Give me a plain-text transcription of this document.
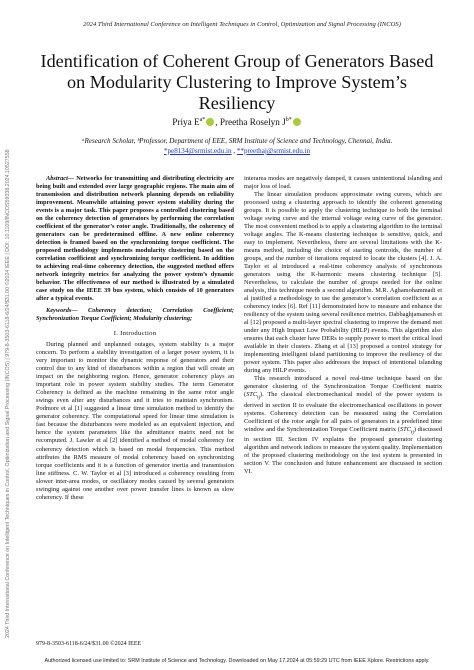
2024 Third International Conference on Intelligent Techniques in Control, Optimization and Signal Processing (INCOS) | 979-8-3503-6118-6/24/$31.00 ©2024 IEEE | DOI: 10.1109/INCOS59338.2024.10527558
2024 Third International Conference on Intelligent Techniques in Control, Optimization and Signal Processing (INCOS)
Identification of Coherent Group of Generators Based on Modularity Clustering to Improve System’s Resiliency
Priya $E^{a*}$ , Preetha Roselyn $J^{b*}$
ᵃResearch Scholar, ᵇProfessor, Department of EEE, SRM Institute of Science and Technology, Chennai, India.
*pe8134@srmist.edu.in , **preethaj@srmist.edu.in

Abstract— Networks for transmitting and distributing electricity are being built and extended over large geographic regions. The main aim of transmission and distribution network planning depends on reliability improvement. Meanwhile attaining power system stability during the events is a major task. This paper proposes a controlled clustering based on the coherency detection of generators by performing the correlation coefficient of the generator’s rotor angle. Traditionally, the coherency of generators can be predetermined offline. A new online coherency detection is framed based on the synchronizing torque coefficient. The proposed methodology implements modularity clustering based on the correlation coefficient and synchronizing torque coefficient. In addition to achieving real-time coherency detection, the suggested method offers network integrity metrics for analyzing the power system’s dynamic behavior. The effectiveness of our method is illustrated by a simulated case study on the IEEE 39 bus system, which consists of 10 generators after a typical events.

Keywords— Coherency detection; Correlation Coefficient; Synchronization Torque Coefficient; Modularity clustering;

I. Introduction

During planned and unplanned outages, system stability is a major concern. To perform a stability investigation of a larger power system, it is very important to monitor the dynamic response of generators and their control due to any kind of disturbances within a region that will create an impact on the neighboring region. Hence, generator coherency plays an important role in power system stability studies. The term Generator Coherency is defined as the machine remaining in the same rotor angle swings even after any disturbances and it tries to maintain synchronism. Podmore et al [1] suggested a linear time simulation method to identify the generator coherency. The computational speed for linear time simulation is fast because the disturbances were modeled as an equivalent injection, and hence the system parameters like the admittance matrix need not be recomputed. J. Lawler et al [2] identified a method of modal coherency for coherency detection which is based on modal frequencies. This method attributes the RMS measure of modal coherency based on synchronizing torque coefficients and it is a function of generator inertia and transmission line stiffness. C. W. Taylor et al [3] introduced a coherency resulting from slower inter-area modes, or oscillatory modes caused by several generators swinging against one another over power transfer lines is known as slow coherency. If these

interarea modes are negatively damped, it causes unintentional islanding and major loss of load.

The linear simulation produces approximate swing curves, which are processed using a clustering approach to identify the coherent generating groups. It is possible to apply the clustering technique to both the terminal voltage swing curve and the internal voltage swing curve of the generator. The most convenient method is to apply a clustering algorithm to the terminal voltage angles. The K-means clustering technique is sensitive, quick, and easy to implement. Nevertheless, there are several limitations with the K-means method, including the choice of starting centroids, the number of groups, and the number of iterations required to locate the clusters [4]. J. A. Taylor et al introduced a real-time coherency analysis of synchronous generators using the K-harmonic means clustering technique [5]. Nevertheless, to calculate the number of groups needed for the online analysis, this technique needs a second algorithm. M.R. Aghamohammadi et al justified a methodology to use the generator’s correlation coefficient as a coherency index [6]. Ref [11] demonstrated how to measure and enhance the resiliency of the system using several resilience metrics. Dabbaghjamanesh et al [12] proposed a multi-layer spectral clustering to improve the demand met under any High Impact Low Probability (HILP) events. This algorithm also ensures that each cluster have DERs to supply power to meet the critical load available in their clusters. Zhang et al [13] proposed a control strategy for implementing intelligent island partitioning to improve the resiliency of the power system. This paper also addresses the impact of intentional islanding during any HILP events.

This research introduced a novel real-time technique based on the generator clustering of the Synchronization Torque Coefficient matrix $(STC_{ij})$. The classical electromechanical model of the power system is derived in section II to evaluate the electromechanical oscillations in power systems. Coherency detection can be measured using the Correlation Coefficient of the rotor angle for all pairs of generators in a predefined time window and the Synchronization Torque Coefficient matrix $(STC_{ij})$ discussed in section III. Section IV explains the proposed generator clustering algorithm and network indices to measure the system quality. Implementation of the proposed clustering methodology on the test system is presented in section V. The conclusion and future enhancement are discussed in section VI.

979-8-3503-6118-6/24/$31.00 ©2024 IEEE
Authorized licensed use limited to: SRM Institute of Science and Technology. Downloaded on May 17,2024 at 05:59:29 UTC from IEEE Xplore. Restrictions apply.
